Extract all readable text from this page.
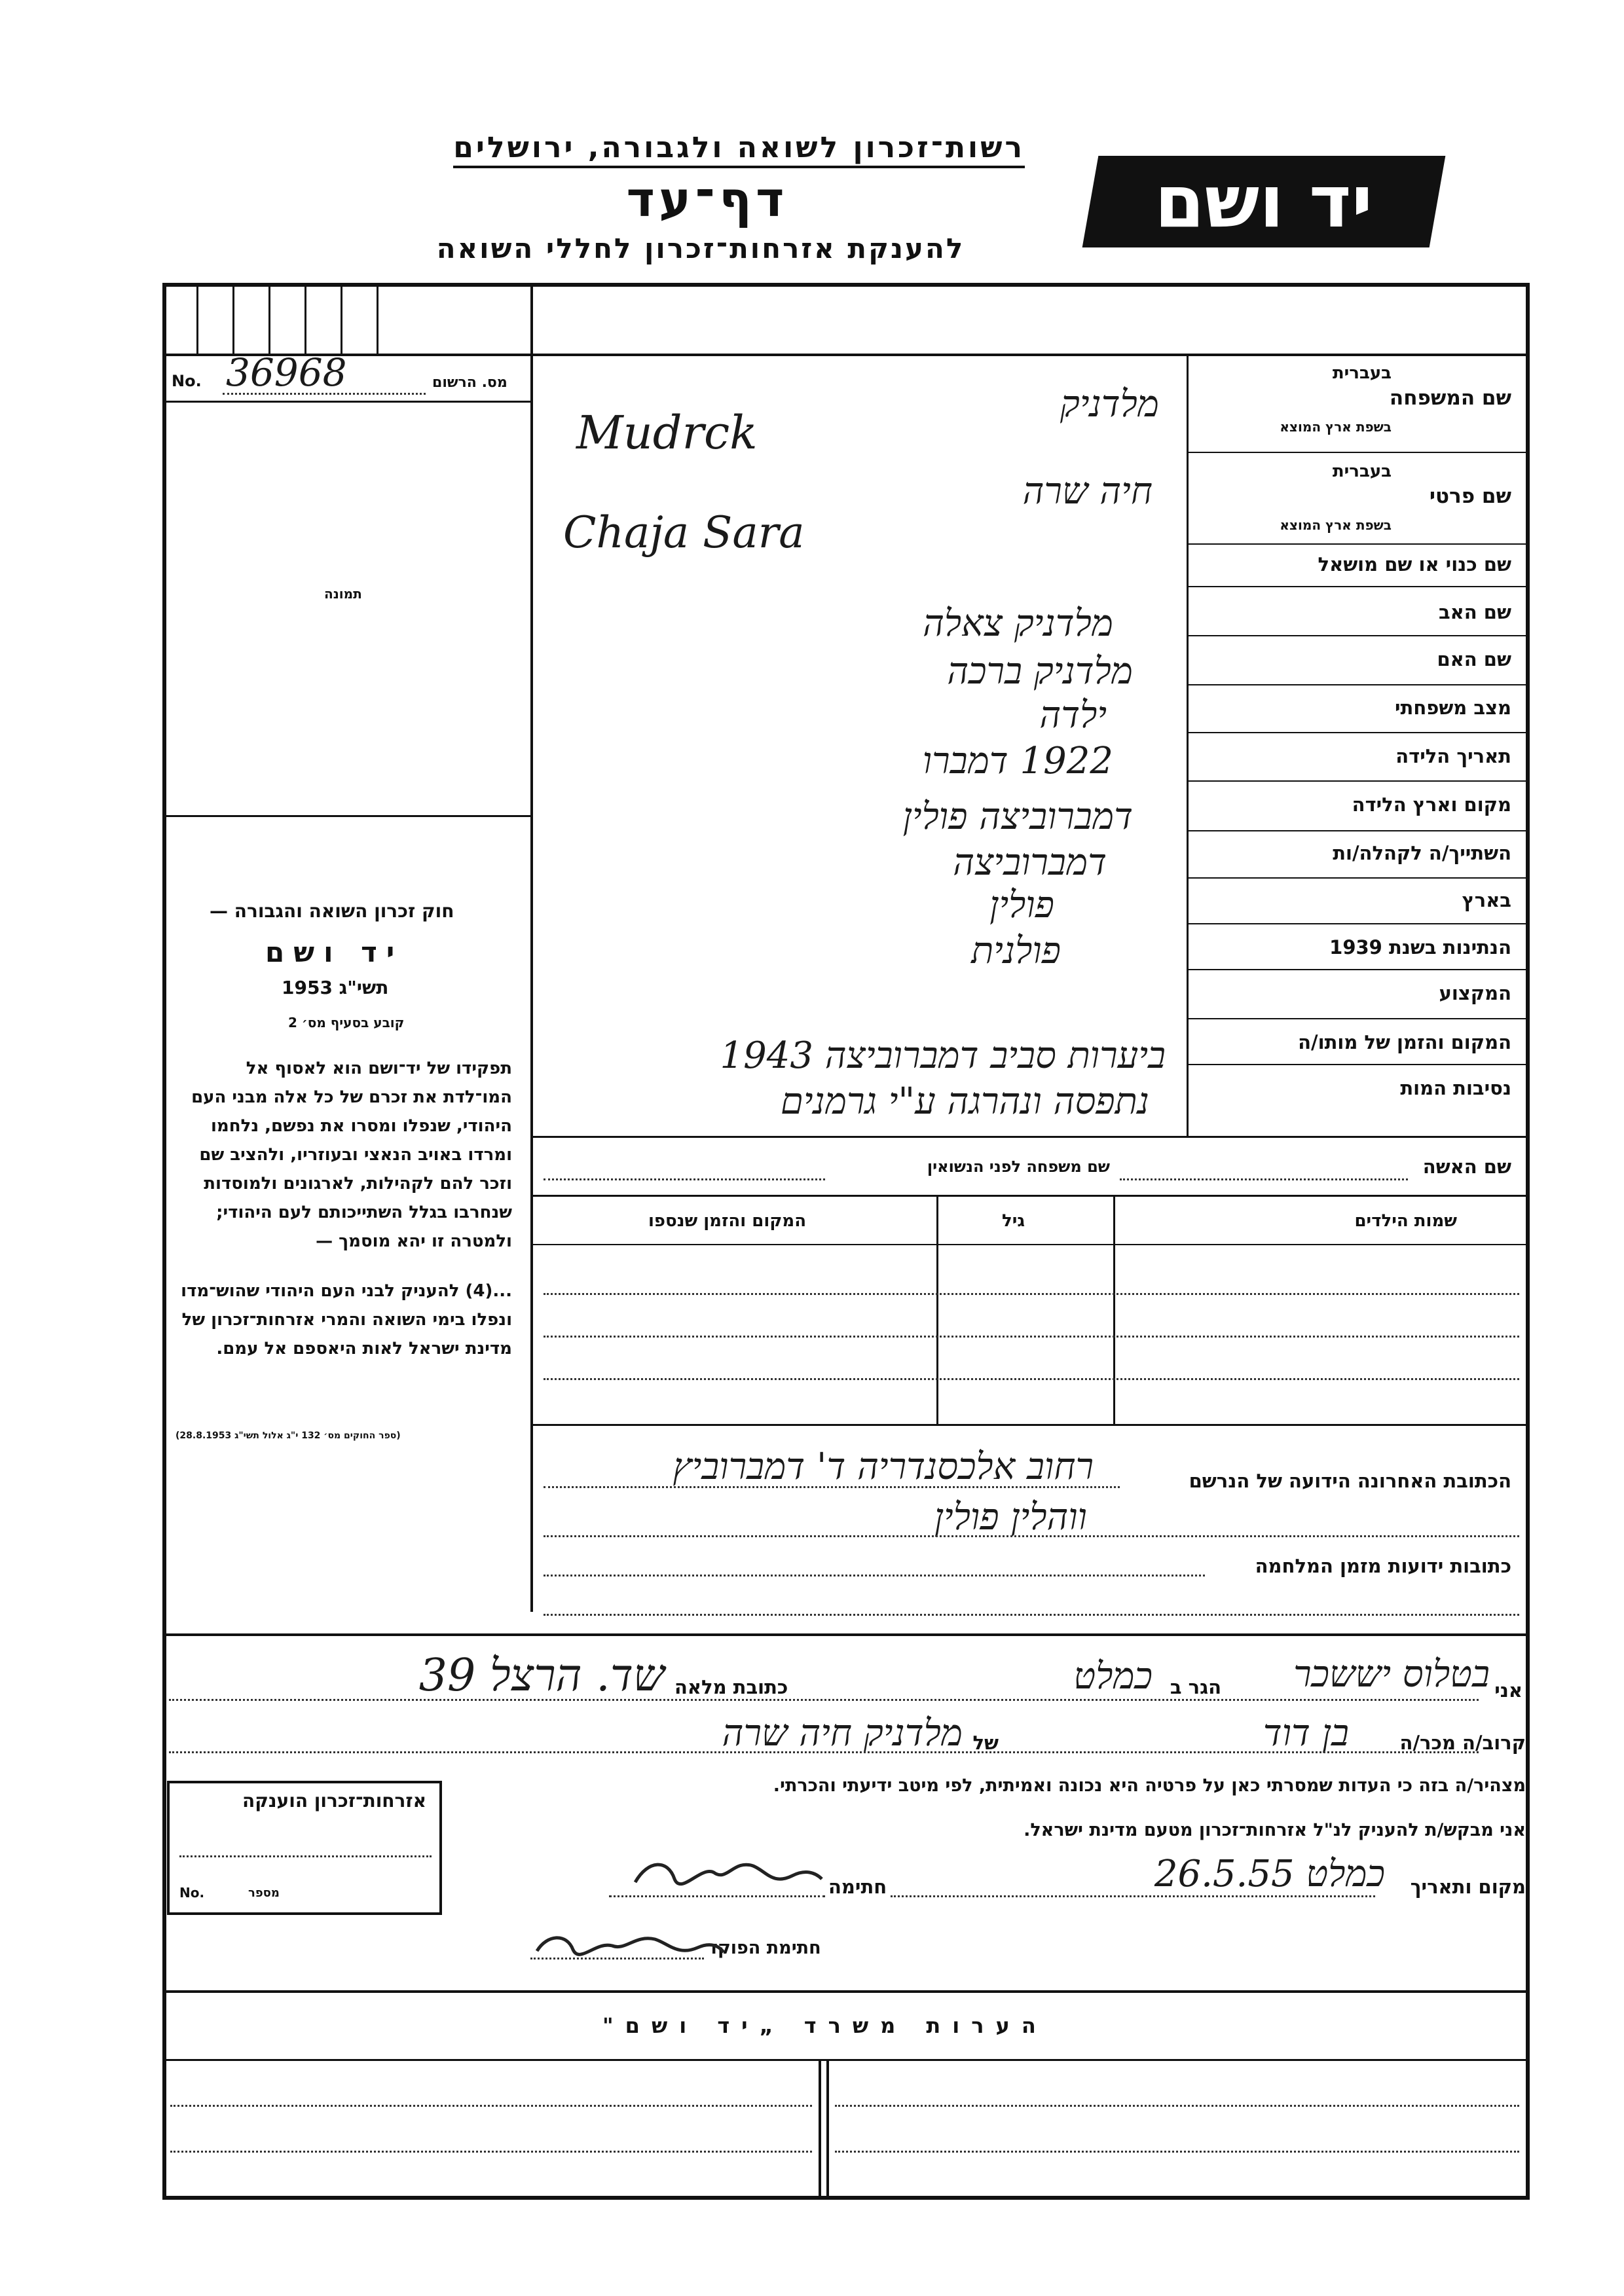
רשות־זכרון לשואה ולגבורה, ירושלים
דף־עד
להענקת אזרחות־זכרון לחללי השואה
יד ושם
No. 36968	מס. הרשום
תמונה
שם המשפחה
בעברית
בשפת ארץ המוצא
מלדניק
Mudrck
שם פרטי
בעברית
בשפת ארץ המוצא
חיה שרה
Chaja Sara
שם כנוי או שם מושאל
שם האב
מלדניק צאלה
שם האם
מלדניק ברכה
מצב משפחתי
ילדה
תאריך הלידה
1922 דמברו
מקום וארץ הלידה
דמברוביצה פולין
השתייך/ה לקהלה/ות
דמברוביצה
בארץ
פולין
הנתינות בשנת 1939
פולנית
המקצוע
המקום והזמן של מותו/ה
ביערות סביב דמברוביצה 1943
נסיבות המות
נתפסה ונהרגה ע"י גרמנים
שם האשה
שם משפחה לפני הנשואין
שמות הילדים
גיל
המקום והזמן שנספו
הכתובת האחרונה הידועה של הנרשם
רחוב אלכסנדריה ד' דמברוביץ
ווהלין פולין
כתובות ידועות מזמן המלחמה
חוק זכרון השואה והגבורה —
יד ושם
תשי"ג 1953
קובע בסעיף מס׳ 2
תפקידו של יד־ושם הוא לאסוף אל המו־לדת את זכרם של כל אלה מבני העם היהודי, שנפלו ומסרו את נפשם, נלחמו ומרדו באויב הנאצי ובעוזריו, ולהציב שם וזכר להם לקהילות, לארגונים ולמוסדות שנחרבו בגלל השתייכותם לעם היהודי; ולמטרה זו יהא מוסמך —
...(4) להעניק לבני העם היהודי שהוש־מדו ונפלו בימי השואה והמרי אזרחות־זכרון של מדינת ישראל לאות היאספם אל עמם.
(ספר החוקים מס׳ 132 י"ג אלול תשי"ג 28.8.1953)
אני
בטלוס יששכר
הגר ב
כמלט
כתובת מלאה
שד. הרצל 39
קרוב/ה מכר/ה
בן דוד
של
מלדניק חיה שרה
מצהיר/ה בזה כי העדות שמסרתי כאן על פרטיה היא נכונה ואמיתית, לפי מיטב ידיעתי והכרתי.
אני מבקש/ת להעניק לנ"ל אזרחות־זכרון מטעם מדינת ישראל.
מקום ותאריך
כמלט 26.5.55
חתימה
חתימת הפוקד
אזרחות־זכרון הוענקה
No.	מספר
הערות משרד „יד ושם"
